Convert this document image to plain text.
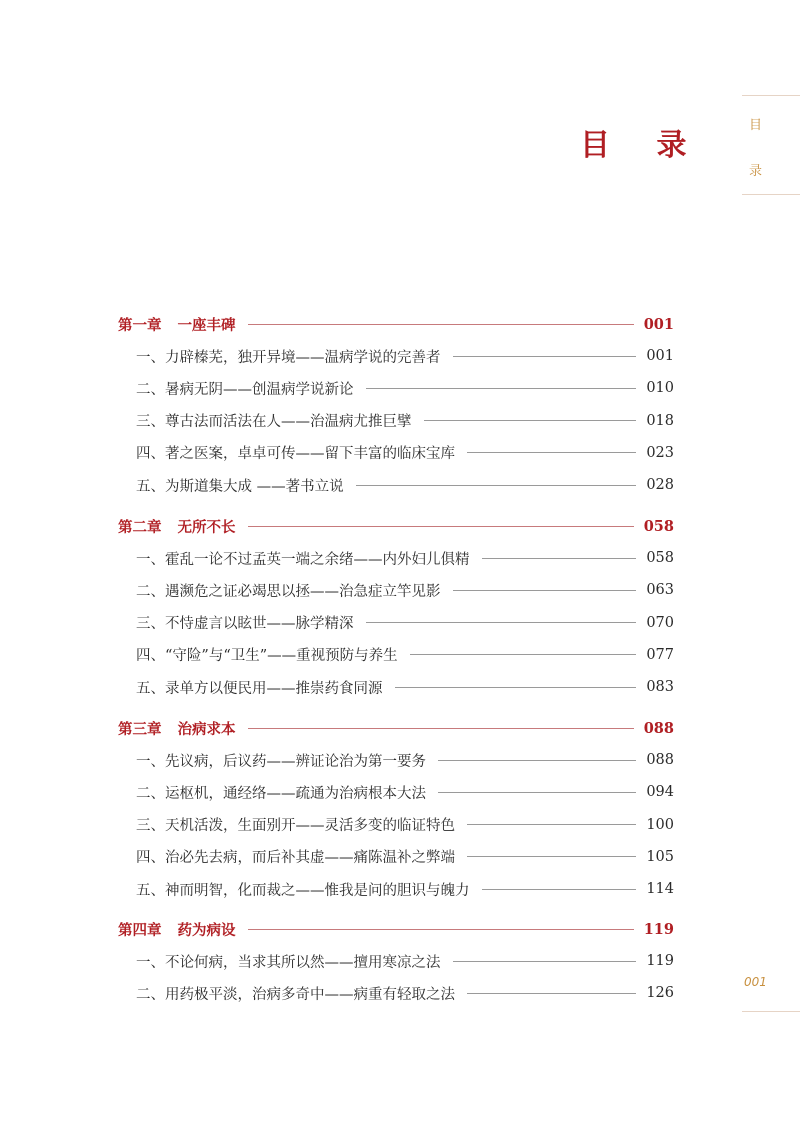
目
录
001
目 录
第一章 一座丰碑	001
一、力辟榛芜，独开异境——温病学说的完善者	001
二、暑病无阴——创温病学说新论	010
三、尊古法而活法在人——治温病尤推巨擘	018
四、著之医案，卓卓可传——留下丰富的临床宝库	023
五、为斯道集大成 ——著书立说	028
第二章 无所不长	058
一、霍乱一论不过孟英一端之余绪——内外妇儿俱精	058
二、遇濒危之证必竭思以拯——治急症立竿见影	063
三、不恃虚言以眩世——脉学精深	070
四、“守险”与“卫生”——重视预防与养生	077
五、录单方以便民用——推崇药食同源	083
第三章 治病求本	088
一、先议病，后议药——辨证论治为第一要务	088
二、运枢机，通经络——疏通为治病根本大法	094
三、天机活泼，生面别开——灵活多变的临证特色	100
四、治必先去病，而后补其虚——痛陈温补之弊端	105
五、神而明智，化而裁之——惟我是问的胆识与魄力	114
第四章 药为病设	119
一、不论何病，当求其所以然——擅用寒凉之法	119
二、用药极平淡，治病多奇中——病重有轻取之法	126
